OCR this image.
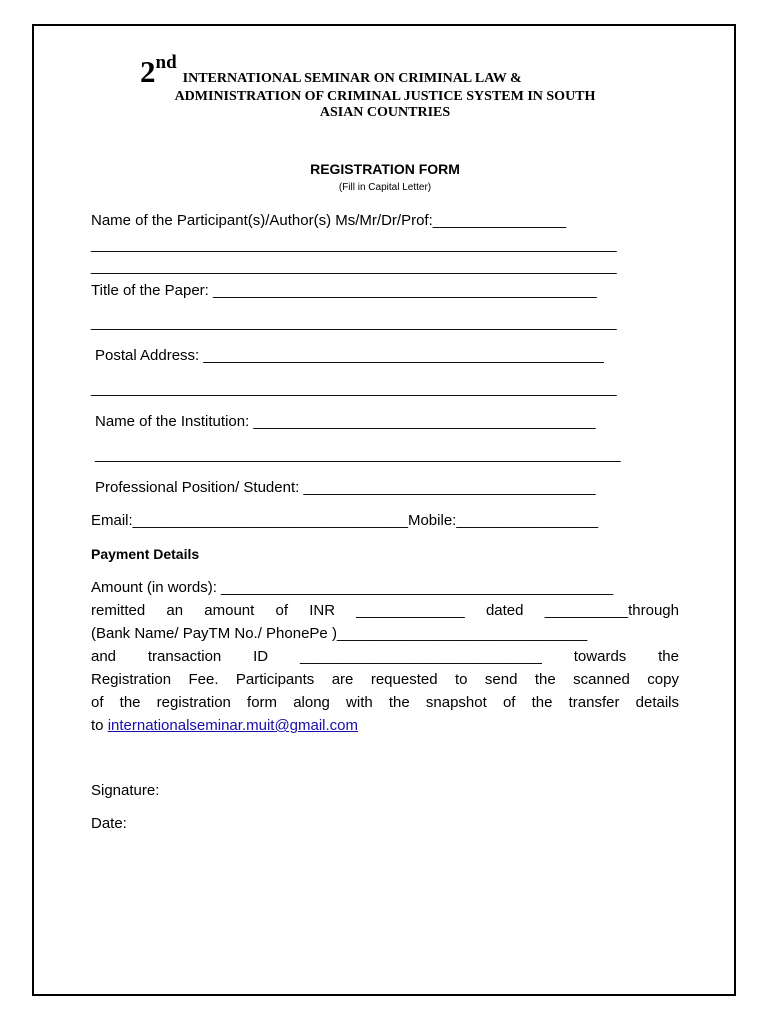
2ndINTERNATIONAL SEMINAR ON CRIMINAL LAW &
ADMINISTRATION OF CRIMINAL JUSTICE SYSTEM IN SOUTH
ASIAN COUNTRIES
REGISTRATION FORM
(Fill in Capital Letter)
Name of the Participant(s)/Author(s) Ms/Mr/Dr/Prof:________________
_______________________________________________________________
_______________________________________________________________
Title of the Paper: ______________________________________________
_______________________________________________________________
Postal Address: ________________________________________________
_______________________________________________________________
Name of the Institution: _________________________________________
_______________________________________________________________
Professional Position/ Student: ___________________________________
Email:_________________________________Mobile:_________________
Payment Details
Amount (in words): _______________________________________________
remitted an amount of INR _____________ dated __________through
(Bank Name/ PayTM No./ PhonePe )______________________________
and transaction ID _____________________________ towards the
Registration Fee. Participants are requested to send the scanned copy
of the registration form along with the snapshot of the transfer details
to internationalseminar.muit@gmail.com
Signature:
Date:
